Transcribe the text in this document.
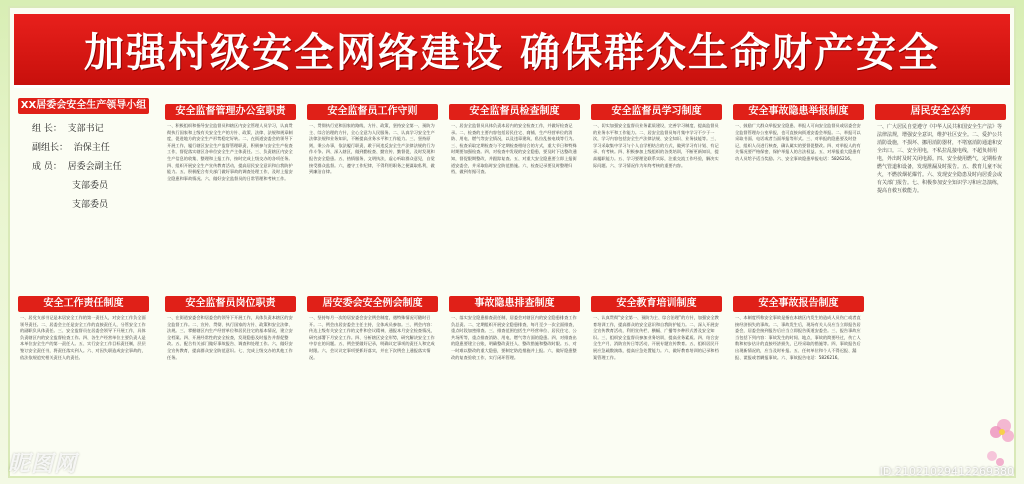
加强村级安全网络建设 确保群众生命财产安全
XX居委会安全生产领导小组
组 长： 支部书记
副组长： 治保主任
成 员： 居委会副主任
支部委员
支部委员
安全监督管理办公室职责
一、积极组织和指导安全监督员和辖区内安全管理人员学习，认真贯彻执行国家和上级有关安全生产的方针、政策、法律、法规和规章制度，促进地方的安全生产形势稳定好转。二、在街道安委会的领导下开展工作，履行辖区安全生产监督管理职责，积极参与安全生产检查工作，督促落实辖区各单位安全生产主体责任。三、负责辖区内安全生产信息的收集、整理和上报工作，按时完成上级交办的各项任务。四、组织开展安全生产宣传教育活动，提高居民安全意识和自我防护能力。五、积极配合有关部门做好事故的调查处理工作，及时上报安全隐患和事故情况。六、做好安全监督员的日常管理和考核工作。
安全监督员工作守则
一、贯彻执行党和国家的路线、方针、政策，坚持安全第一、预防为主、综合治理的方针，全心全意为人民服务。二、认真学习安全生产法律法规和业务知识，不断提高业务水平和工作能力。三、坚持原则，秉公办事，依法履行职责，敢于同违反安全生产法律法规的行为作斗争。四、深入辖区，做到勤检查、勤宣传、勤督促，及时发现和报告安全隐患。五、热情服务，文明执法，虚心听取群众意见，自觉接受群众监督。六、遵守工作纪律，不得利用职务之便谋取私利，做到廉洁自律。
安全监督员检查制度
一、居安全监督员具体负责本居内的安全检查工作，并做好检查记录。二、检查的主要内容包括居民住宅、商铺、生产经营单位的消防、用电、燃气等安全情况，以及违章建筑、私拉乱接电线等行为。三、检查采取定期检查与不定期检查相结合的方式，重大节日和特殊时期要加强检查。四、对检查中发现的安全隐患，要及时下达整改通知，督促限期整改，并跟踪复查。五、对重大安全隐患要立即上报街道安委会，并采取临时安全防范措施。六、检查记录要及时整理归档，做到有据可查。
安全监督员学习制度
一、切实加强安全监督员业务素质建设，完善学习制度，提高监督员的业务水平和工作能力。二、居安全监督员每月集中学习不少于一次，学习内容包括安全生产法律法规、安全知识、业务技能等。三、学习采取集中学习与个人自学相结合的方式，做到学习有计划、有记录、有考核。四、积极参加上级组织的各类培训，不断更新知识，提高履职能力。五、学习要理论联系实际，注重交流工作经验，解决实际问题。六、学习情况作为年终考核的重要内容。
安全事故隐患举报制度
一、鼓励广大群众举报安全隐患、举报人可向安全监督员或居委会安全监督管理办公室举报，也可直接向街道安委会举报。二、举报可以采取书面、电话或者当面举报等形式。三、对举报的隐患要及时登记，组织人员进行核查，确认属实的要督促整改。四、对举报人的有关情况要严格保密，保护举报人的合法权益。五、对举报重大隐患有功人员给予适当奖励。六、安全事故隐患举报电话：5826216。
居民安全公约
一、广大居民自觉遵守《中华人民共和国安全生产法》等法律法规，增强安全意识，维护社区安全。二、爱护公共消防设施，不损坏、挪用消防器材，不堵塞消防通道和安全出口。三、安全用电，不私拉乱接电线，不超负荷用电，外出时及时关闭电源。四、安全使用燃气，定期检查燃气管道和设备，发现泄漏及时报告。五、教育儿童不玩火，不燃放烟花爆竹。六、发现安全隐患及时向居委会或有关部门报告。七、积极参加安全知识学习和应急演练，提高自救互救能力。
安全工作责任制度
一、居党支部书记是本居安全工作的第一责任人，对安全工作负全面领导责任。二、居委会主任是安全工作的直接责任人，分管安全工作的副职负具体责任。三、安全监督员在居委会领导下开展工作，具体负责辖区内的安全监督检查工作。四、各生产经营单位主要负责人是本单位安全生产的第一责任人。五、实行安全工作目标责任制，层层签订安全责任书，将责任落实到人。六、对因失职造成安全事故的，依法依规追究相关责任人的责任。
安全监督员岗位职责
一、在街道安委会和居委会的领导下开展工作，具体负责本辖区的安全监督工作。二、宣传、贯彻、执行国家的方针、政策和安全法律、法规。三、掌握辖区内生产经营单位和居民住宅的基本情况，建立安全档案。四、开展经常性的安全检查，发现隐患及时报告并督促整改。五、配合有关部门做好事故报告、调查和处理工作。六、做好安全宣传教育，提高群众安全防范意识。七、完成上级交办的其他工作任务。
居安委会安全例会制度
一、坚持每月一次的居安委会安全例会制度，遇特殊情况可随时召开。二、例会由居安委会主任主持，全体成员参加。三、例会内容：传达上级有关安全工作的文件和会议精神，通报本月安全检查情况，研究部署下月安全工作。四、分析辖区安全形势，研究解决安全工作中存在的问题。五、例会要做好记录，明确议定事项的责任人和完成时限。六、会议议定事项要抓好落实，并在下次例会上通报落实情况。
事故隐患排查制度
一、落实安全隐患排查责任制，居委会对辖区内的安全隐患排查工作负总责。二、定期组织开展安全隐患排查，每月至少一次全面排查，重点时段加密排查。三、排查范围包括生产经营单位、居民住宅、公共场所等，重点排查消防、用电、燃气等方面的隐患。四、对排查出的隐患要建立台账，明确整改责任人、整改措施和整改时限。五、对一时难以整改的重大隐患，要制定防范措施并上报。六、做好隐患整改的复查验收工作，实行闭环管理。
安全教育培训制度
一、认真贯彻“安全第一、预防为主、综合治理”的方针，加强安全教育培训工作，提高群众的安全意识和自我防护能力。二、深入开展安全宣传教育活动，利用宣传栏、横幅、广播等多种形式普及安全知识。三、组织安全监督员参加业务培训，提高业务素质。四、结合安全生产月、消防宣传日等活动，开展专题宣传教育。五、组织居民开展应急疏散演练，提高应急处置能力。六、做好教育培训的记录和档案管理工作。
安全事故报告制度
一、本制度所称安全事故是指在本辖区内发生的造成人员伤亡或者直接经济损失的事故。二、事故发生后，现场有关人员应当立即报告居委会，居委会接到报告后应当立即报告街道安委会。三、报告事故应当包括下列内容：事故发生的时间、地点，事故的简要经过，伤亡人数和初步估计的直接经济损失，已经采取的措施等。四、事故报告后出现新情况的，应当及时补报。五、任何单位和个人不得迟报、漏报、谎报或者瞒报事故。六、事故报告电话：5826216。
昵图网	ID:21021029412269380
